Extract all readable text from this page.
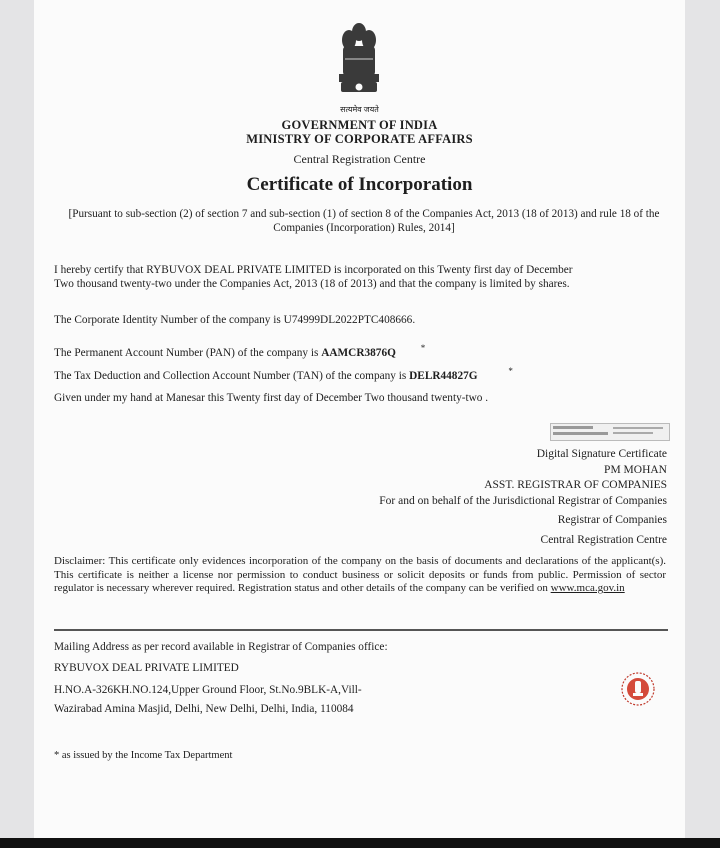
सत्यमेव जयते
GOVERNMENT OF INDIA
MINISTRY OF CORPORATE AFFAIRS
Central Registration Centre
Certificate of Incorporation
[Pursuant to sub-section (2) of section 7 and sub-section (1) of section 8 of the Companies Act, 2013 (18 of 2013) and rule 18 of the Companies (Incorporation) Rules, 2014]
I hereby certify that RYBUVOX DEAL PRIVATE LIMITED is incorporated on this Twenty first day of December
Two thousand twenty-two under the Companies Act, 2013 (18 of 2013) and that the company is limited by shares.
The Corporate Identity Number of the company is U74999DL2022PTC408666.
The Permanent Account Number (PAN) of the company is AAMCR3876Q	*
The Tax Deduction and Collection Account Number (TAN) of the company is DELR44827G	*
Given under my hand at Manesar this Twenty first day of December Two thousand twenty-two .
Digital Signature Certificate
PM MOHAN
ASST. REGISTRAR OF COMPANIES
For and on behalf of the Jurisdictional Registrar of Companies
Registrar of Companies
Central Registration Centre
Disclaimer: This certificate only evidences incorporation of the company on the basis of documents and declarations of the applicant(s). This certificate is neither a license nor permission to conduct business or solicit deposits or funds from public. Permission of sector regulator is necessary wherever required. Registration status and other details of the company can be verified on www.mca.gov.in
Mailing Address as per record available in Registrar of Companies office:
RYBUVOX DEAL PRIVATE LIMITED
H.NO.A-326KH.NO.124,Upper Ground Floor, St.No.9BLK-A,Vill-
Wazirabad Amina Masjid, Delhi, New Delhi, Delhi, India, 110084
* as issued by the Income Tax Department
